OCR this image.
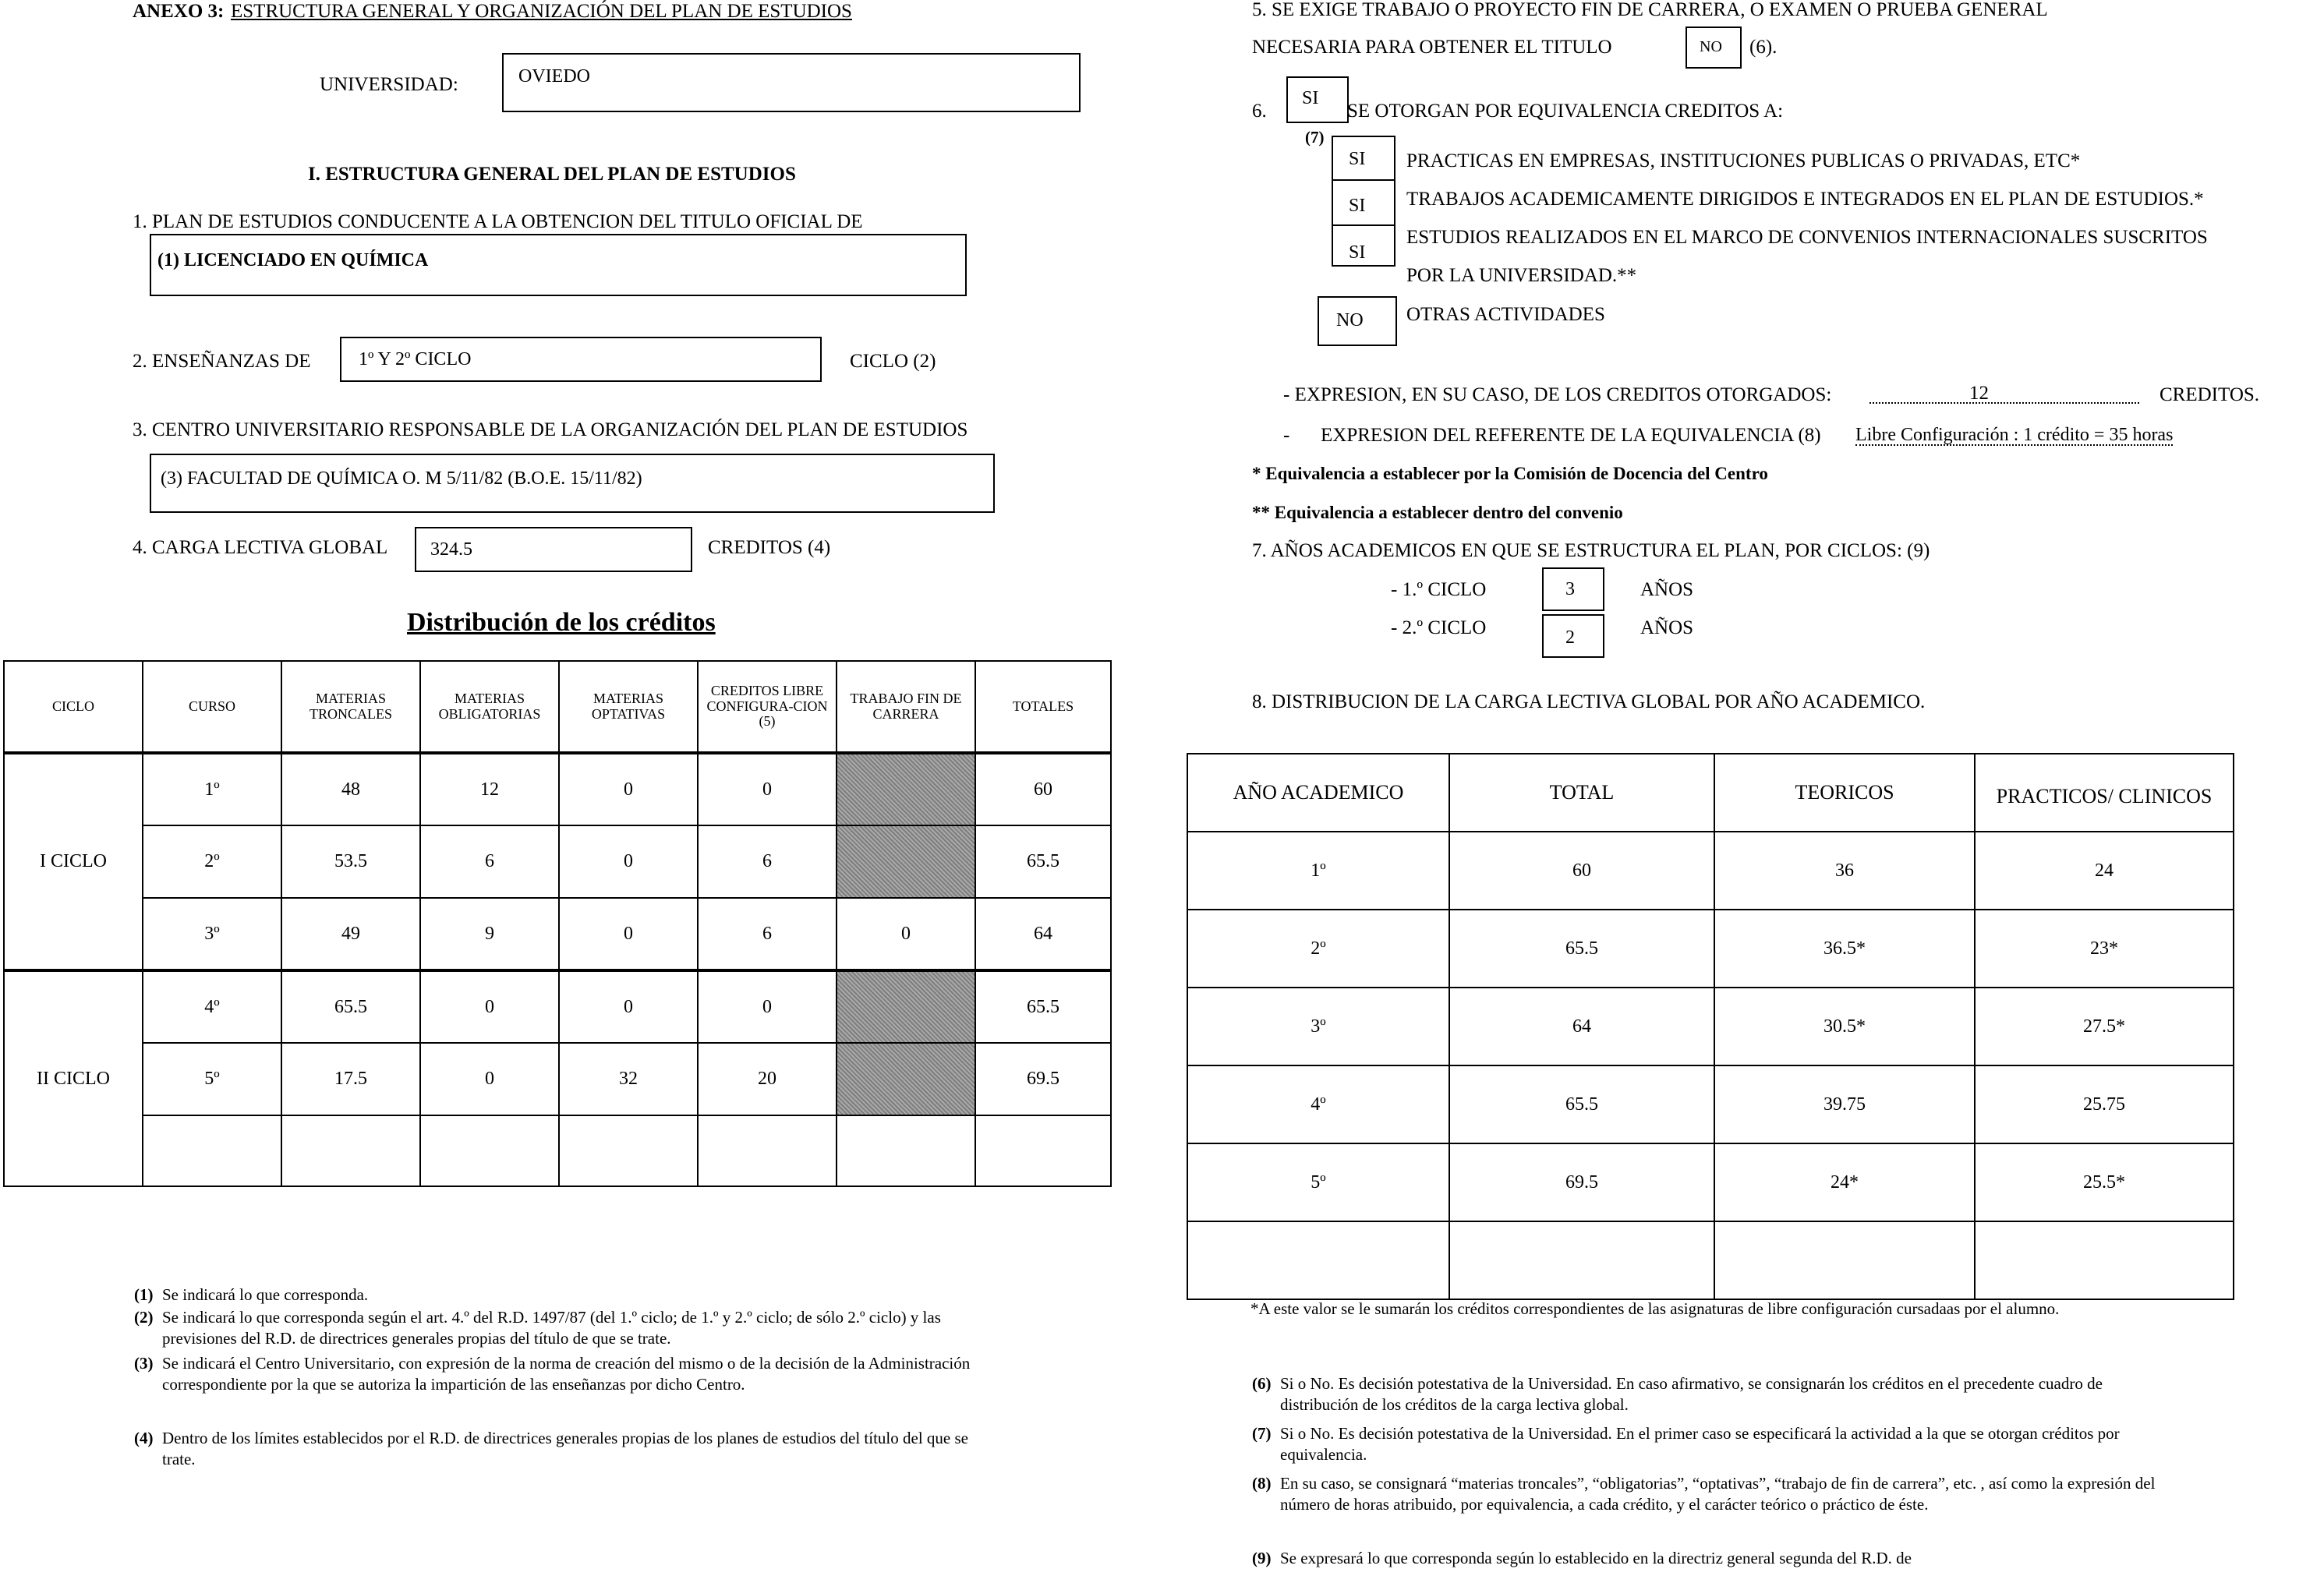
ANEXO 3: ESTRUCTURA GENERAL Y ORGANIZACIÓN DEL PLAN DE ESTUDIOS
UNIVERSIDAD:	OVIEDO
I. ESTRUCTURA GENERAL DEL PLAN DE ESTUDIOS
1. PLAN DE ESTUDIOS CONDUCENTE A LA OBTENCION DEL TITULO OFICIAL DE
(1) LICENCIADO EN QUÍMICA
2. ENSEÑANZAS DE	1º Y 2º CICLO	CICLO (2)
3. CENTRO UNIVERSITARIO RESPONSABLE DE LA ORGANIZACIÓN DEL PLAN DE ESTUDIOS
(3) FACULTAD DE QUÍMICA O. M 5/11/82 (B.O.E. 15/11/82)
4. CARGA LECTIVA GLOBAL 324.5	CREDITOS (4)
Distribución de los créditos
CICLO	CURSO	MATERIAS TRONCALES	MATERIAS OBLIGATORIAS	MATERIAS OPTATIVAS	CREDITOS LIBRE CONFIGURA-CION (5)	TRABAJO FIN DE CARRERA	TOTALES
I CICLO	1º	48	12	0	0		60
	2º	53.5	6	0	6		65.5
	3º	49	9	0	6	0	64
II CICLO	4º	65.5	0	0	0		65.5
	5º	17.5	0	32	20		69.5

(1) Se indicará lo que corresponda.
(2) Se indicará lo que corresponda según el art. 4.º del R.D. 1497/87 (del 1.º ciclo; de 1.º y 2.º ciclo; de sólo 2.º ciclo) y las previsiones del R.D. de directrices generales propias del título de que se trate.
(3) Se indicará el Centro Universitario, con expresión de la norma de creación del mismo o de la decisión de la Administración correspondiente por la que se autoriza la impartición de las enseñanzas por dicho Centro.
(4) Dentro de los límites establecidos por el R.D. de directrices generales propias de los planes de estudios del título del que se trate.
5. SE EXIGE TRABAJO O PROYECTO FIN DE CARRERA, O EXAMEN O PRUEBA GENERAL
NECESARIA PARA OBTENER EL TITULO	NO (6).
6.
SI
SE OTORGAN POR EQUIVALENCIA CREDITOS A:
(7)
SI
SI
SI
PRACTICAS EN EMPRESAS, INSTITUCIONES PUBLICAS O PRIVADAS, ETC*
TRABAJOS ACADEMICAMENTE DIRIGIDOS E INTEGRADOS EN EL PLAN DE ESTUDIOS.*
ESTUDIOS REALIZADOS EN EL MARCO DE CONVENIOS INTERNACIONALES SUSCRITOS
POR LA UNIVERSIDAD.**
NO OTRAS ACTIVIDADES
- EXPRESION, EN SU CASO, DE LOS CREDITOS OTORGADOS:	12	CREDITOS.
- EXPRESION DEL REFERENTE DE LA EQUIVALENCIA (8) Libre Configuración : 1 crédito = 35 horas
* Equivalencia a establecer por la Comisión de Docencia del Centro
** Equivalencia a establecer dentro del convenio
7. AÑOS ACADEMICOS EN QUE SE ESTRUCTURA EL PLAN, POR CICLOS: (9)
- 1.º CICLO	3	AÑOS
- 2.º CICLO	2	AÑOS
8. DISTRIBUCION DE LA CARGA LECTIVA GLOBAL POR AÑO ACADEMICO.
AÑO ACADEMICO	TOTAL	TEORICOS	PRACTICOS/ CLINICOS
1º	60	36	24
2º	65.5	36.5*	23*
3º	64	30.5*	27.5*
4º	65.5	39.75	25.75
5º	69.5	24*	25.5*

*A este valor se le sumarán los créditos correspondientes de las asignaturas de libre configuración cursadaas por el alumno.
(6) Si o No. Es decisión potestativa de la Universidad. En caso afirmativo, se consignarán los créditos en el precedente cuadro de distribución de los créditos de la carga lectiva global.
(7) Si o No. Es decisión potestativa de la Universidad. En el primer caso se especificará la actividad a la que se otorgan créditos por equivalencia.
(8) En su caso, se consignará “materias troncales”, “obligatorias”, “optativas”, “trabajo de fin de carrera”, etc. , así como la expresión del número de horas atribuido, por equivalencia, a cada crédito, y el carácter teórico o práctico de éste.
(9) Se expresará lo que corresponda según lo establecido en la directriz general segunda del R.D. de
